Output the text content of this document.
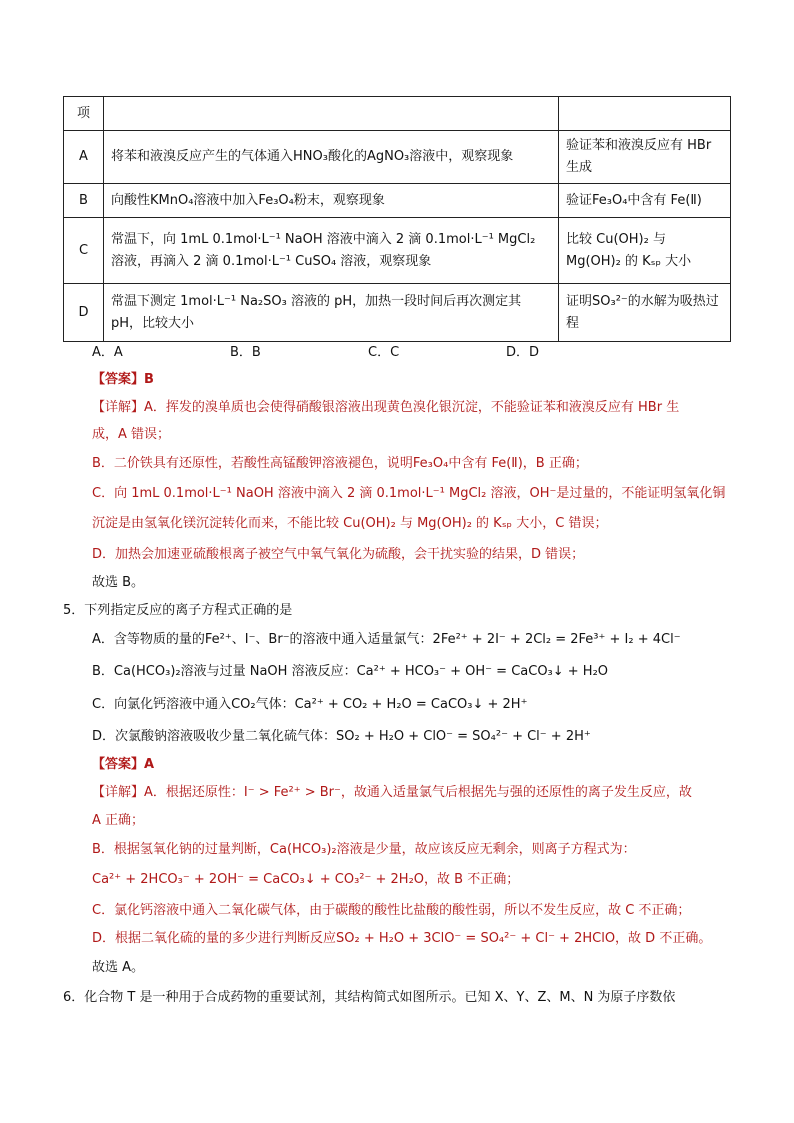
项		
A	将苯和液溴反应产生的气体通入HNO₃酸化的AgNO₃溶液中，观察现象	验证苯和液溴反应有 HBr 生成
B	向酸性KMnO₄溶液中加入Fe₃O₄粉末，观察现象	验证Fe₃O₄中含有 Fe(Ⅱ)
C	常温下，向 1mL 0.1mol·L⁻¹ NaOH 溶液中滴入 2 滴 0.1mol·L⁻¹ MgCl₂ 溶液，再滴入 2 滴 0.1mol·L⁻¹ CuSO₄ 溶液，观察现象	比较 Cu(OH)₂ 与 Mg(OH)₂ 的 Kₛₚ 大小
D	常温下测定 1mol·L⁻¹ Na₂SO₃ 溶液的 pH，加热一段时间后再次测定其 pH，比较大小	证明SO₃²⁻的水解为吸热过程
A．A	B．B	C．C	D．D
【答案】B
【详解】A．挥发的溴单质也会使得硝酸银溶液出现黄色溴化银沉淀，不能验证苯和液溴反应有 HBr 生
成，A 错误；
B．二价铁具有还原性，若酸性高锰酸钾溶液褪色，说明Fe₃O₄中含有 Fe(Ⅱ)，B 正确；
C．向 1mL 0.1mol·L⁻¹ NaOH 溶液中滴入 2 滴 0.1mol·L⁻¹ MgCl₂ 溶液，OH⁻是过量的，不能证明氢氧化铜
沉淀是由氢氧化镁沉淀转化而来，不能比较 Cu(OH)₂ 与 Mg(OH)₂ 的 Kₛₚ 大小，C 错误；
D．加热会加速亚硫酸根离子被空气中氧气氧化为硫酸，会干扰实验的结果，D 错误；
故选 B。
5．下列指定反应的离子方程式正确的是
A．含等物质的量的Fe²⁺、I⁻、Br⁻的溶液中通入适量氯气：2Fe²⁺ + 2I⁻ + 2Cl₂ = 2Fe³⁺ + I₂ + 4Cl⁻
B．Ca(HCO₃)₂溶液与过量 NaOH 溶液反应：Ca²⁺ + HCO₃⁻ + OH⁻ = CaCO₃↓ + H₂O
C．向氯化钙溶液中通入CO₂气体：Ca²⁺ + CO₂ + H₂O = CaCO₃↓ + 2H⁺
D．次氯酸钠溶液吸收少量二氧化硫气体：SO₂ + H₂O + ClO⁻ = SO₄²⁻ + Cl⁻ + 2H⁺
【答案】A
【详解】A．根据还原性：I⁻ > Fe²⁺ > Br⁻，故通入适量氯气后根据先与强的还原性的离子发生反应，故
A 正确；
B．根据氢氧化钠的过量判断，Ca(HCO₃)₂溶液是少量，故应该反应无剩余，则离子方程式为：
Ca²⁺ + 2HCO₃⁻ + 2OH⁻ = CaCO₃↓ + CO₃²⁻ + 2H₂O，故 B 不正确；
C．氯化钙溶液中通入二氧化碳气体，由于碳酸的酸性比盐酸的酸性弱，所以不发生反应，故 C 不正确；
D．根据二氧化硫的量的多少进行判断反应SO₂ + H₂O + 3ClO⁻ = SO₄²⁻ + Cl⁻ + 2HClO，故 D 不正确。
故选 A。
6．化合物 T 是一种用于合成药物的重要试剂，其结构简式如图所示。已知 X、Y、Z、M、N 为原子序数依
